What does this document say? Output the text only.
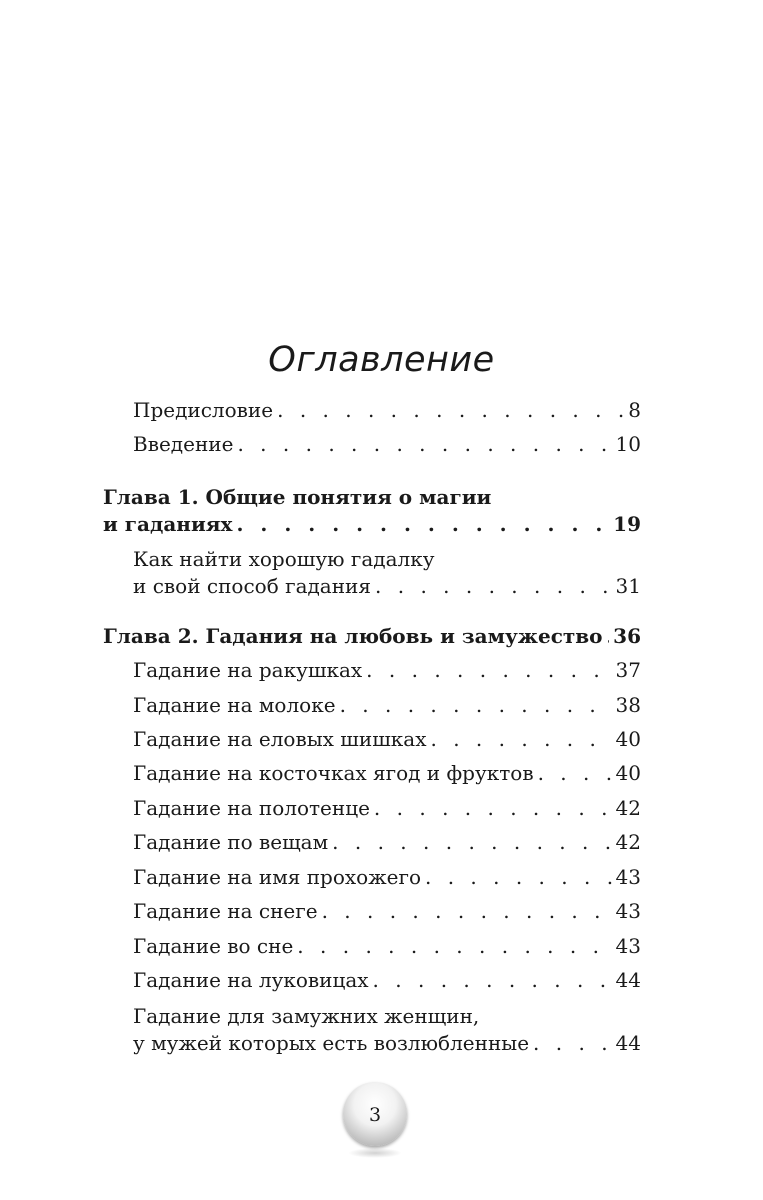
Оглавление
Предисловие . . .	8
Введение . . .	10
Глава 1. Общие понятия о магии
и гаданиях . . .	19
Как найти хорошую гадалку
и свой способ гадания . . .	31
Глава 2. Гадания на любовь и замужество . . . 36
Гадание на ракушках . . .	37
Гадание на молоке . . .	38
Гадание на еловых шишках . . .	40
Гадание на косточках ягод и фруктов . . .	40
Гадание на полотенце . . .	42
Гадание по вещам . . .	42
Гадание на имя прохожего . . .	43
Гадание на снеге . . .	43
Гадание во сне . . .	43
Гадание на луковицах . . .	44
Гадание для замужних женщин,
у мужей которых есть возлюбленные . . .	44
3
